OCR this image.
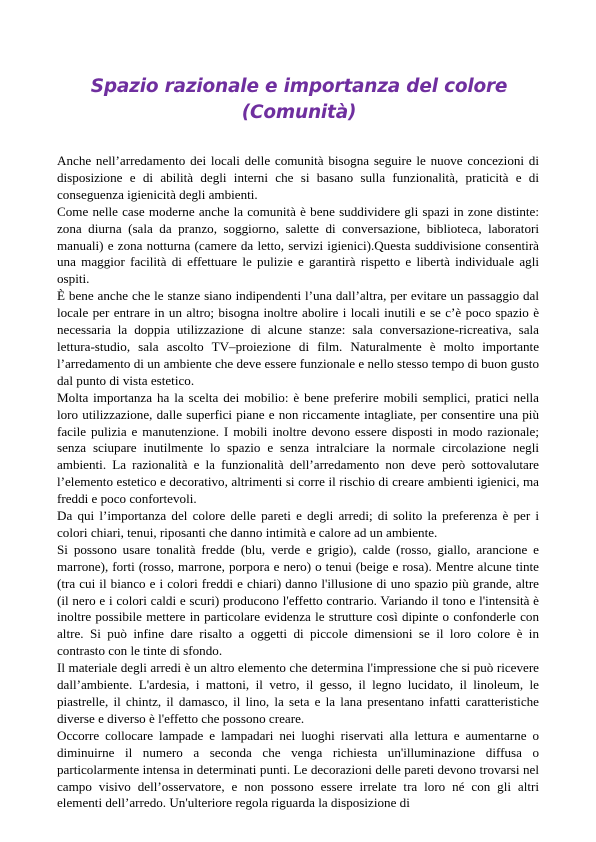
Spazio razionale e importanza del colore
(Comunità)

Anche nell’arredamento dei locali delle comunità bisogna seguire le nuove concezioni di disposizione e di abilità degli interni che si basano sulla funzionalità, praticità e di conseguenza igienicità degli ambienti.

Come nelle case moderne anche la comunità è bene suddividere gli spazi in zone distinte: zona diurna (sala da pranzo, soggiorno, salette di conversazione, biblioteca, laboratori manuali) e zona notturna (camere da letto, servizi igienici).Questa suddivisione consentirà una maggior facilità di effettuare le pulizie e garantirà rispetto e libertà individuale agli ospiti.

È bene anche che le stanze siano indipendenti l’una dall’altra, per evitare un passaggio dal locale per entrare in un altro; bisogna inoltre abolire i locali inutili e se c’è poco spazio è necessaria la doppia utilizzazione di alcune stanze: sala conversazione-ricreativa, sala lettura-studio, sala ascolto TV–proiezione di film. Naturalmente è molto importante l’arredamento di un ambiente che deve essere funzionale e nello stesso tempo di buon gusto dal punto di vista estetico.

Molta importanza ha la scelta dei mobilio: è bene preferire mobili semplici, pratici nella loro utilizzazione, dalle superfici piane e non riccamente intagliate, per consentire una più facile pulizia e manutenzione. I mobili inoltre devono essere disposti in modo razionale; senza sciupare inutilmente lo spazio e senza intralciare la normale circolazione negli ambienti. La razionalità e la funzionalità dell’arredamento non deve però sottovalutare l’elemento estetico e decorativo, altrimenti si corre il rischio di creare ambienti igienici, ma freddi e poco confortevoli.

Da qui l’importanza del colore delle pareti e degli arredi; di solito la preferenza è per i colori chiari, tenui, riposanti che danno intimità e calore ad un ambiente.

Si possono usare tonalità fredde (blu, verde e grigio), calde (rosso, giallo, arancione e marrone), forti (rosso, marrone, porpora e nero) o tenui (beige e rosa). Mentre alcune tinte (tra cui il bianco e i colori freddi e chiari) danno l'illusione di uno spazio più grande, altre (il nero e i colori caldi e scuri) producono l'effetto contrario. Variando il tono e l'intensità è inoltre possibile mettere in particolare evidenza le strutture così dipinte o confonderle con altre. Si può infine dare risalto a oggetti di piccole dimensioni se il loro colore è in contrasto con le tinte di sfondo.

Il materiale degli arredi è un altro elemento che determina l'impressione che si può ricevere dall’ambiente. L'ardesia, i mattoni, il vetro, il gesso, il legno lucidato, il linoleum, le piastrelle, il chintz, il damasco, il lino, la seta e la lana presentano infatti caratteristiche diverse e diverso è l'effetto che possono creare.

Occorre collocare lampade e lampadari nei luoghi riservati alla lettura e aumentarne o diminuirne il numero a seconda che venga richiesta un'illuminazione diffusa o particolarmente intensa in determinati punti. Le decorazioni delle pareti devono trovarsi nel campo visivo dell’osservatore, e non possono essere irrelate tra loro né con gli altri elementi dell’arredo. Un'ulteriore regola riguarda la disposizione di
